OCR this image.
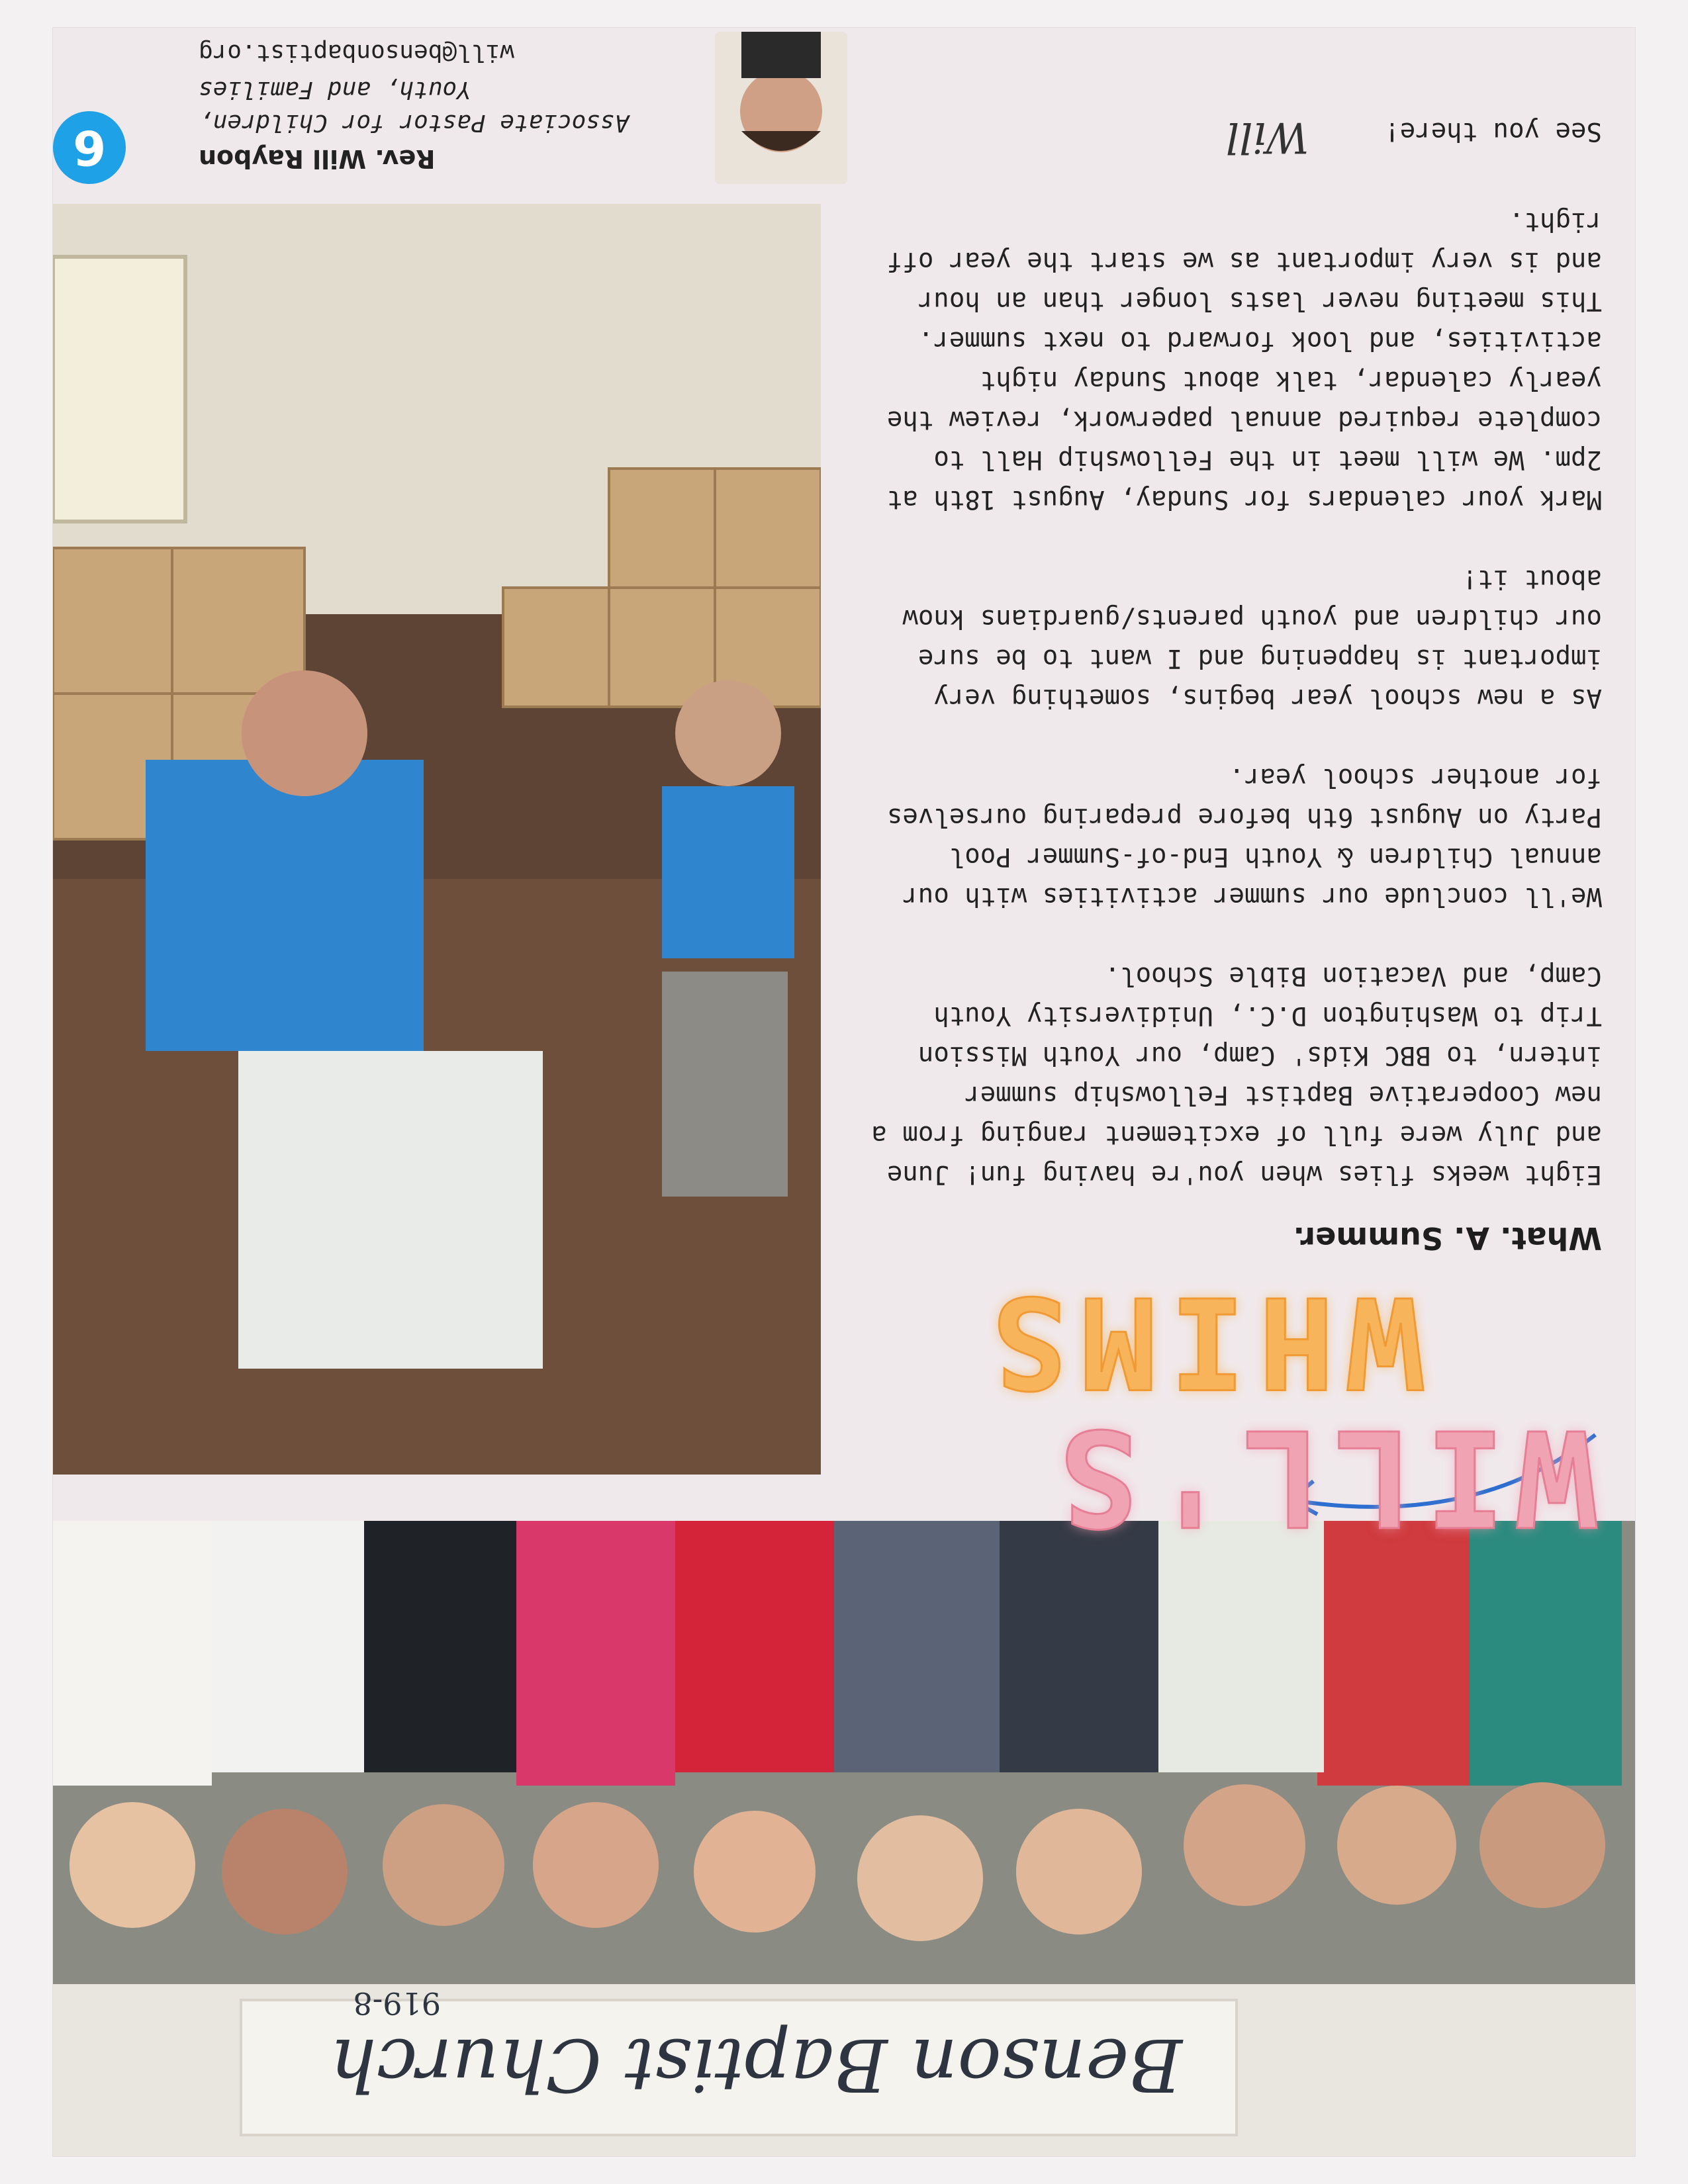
Benson Baptist Church
919-8
WILL'S
WHIMS
What. A. Summer.

Eight weeks flies when you're having fun! June and July were full of excitement ranging from a new Cooperative Baptist Fellowship summer intern, to BBC Kids' Camp, our Youth Mission Trip to Washington D.C., Unidiversity Youth Camp, and Vacation Bible School.

We'll conclude our summer activities with our annual Children & Youth End-of-Summer Pool Party on August 6th before preparing ourselves for another school year.

As a new school year begins, something very important is happening and I want to be sure our children and youth parents/guardians know about it!

Mark your calendars for Sunday, August 18th at 2pm. We will meet in the Fellowship Hall to complete required annual paperwork, review the yearly calendar, talk about Sunday night activities, and look forward to next summer. This meeting never lasts longer than an hour and is very important as we start the year off right.

See you there! Will
Rev. Will Raybon
Associate Pastor for Children,
Youth, and Families
will@bensonbaptist.org
6
